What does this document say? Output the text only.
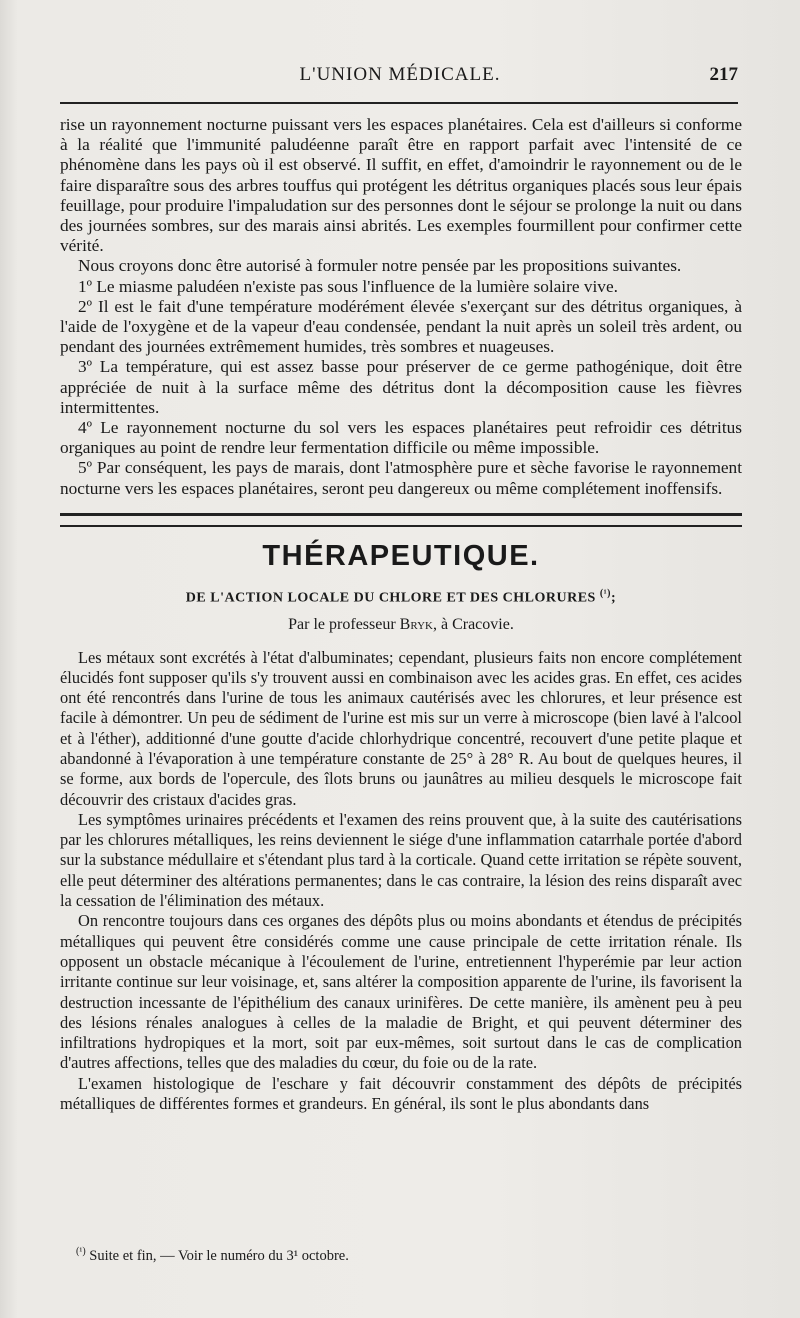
L'UNION MÉDICALE.	217

rise un rayonnement nocturne puissant vers les espaces planétaires. Cela est d'ailleurs si conforme à la réalité que l'immunité paludéenne paraît être en rapport parfait avec l'intensité de ce phénomène dans les pays où il est observé. Il suffit, en effet, d'amoindrir le rayonnement ou de le faire disparaître sous des arbres touffus qui protégent les détritus organiques placés sous leur épais feuillage, pour produire l'impaludation sur des personnes dont le séjour se prolonge la nuit ou dans des journées sombres, sur des marais ainsi abrités. Les exemples fourmillent pour confirmer cette vérité.

Nous croyons donc être autorisé à formuler notre pensée par les propositions suivantes.

1º Le miasme paludéen n'existe pas sous l'influence de la lumière solaire vive.

2º Il est le fait d'une température modérément élevée s'exerçant sur des détritus organiques, à l'aide de l'oxygène et de la vapeur d'eau condensée, pendant la nuit après un soleil très ardent, ou pendant des journées extrêmement humides, très sombres et nuageuses.

3º La température, qui est assez basse pour préserver de ce germe pathogénique, doit être appréciée de nuit à la surface même des détritus dont la décomposition cause les fièvres intermittentes.

4º Le rayonnement nocturne du sol vers les espaces planétaires peut refroidir ces détritus organiques au point de rendre leur fermentation difficile ou même impossible.

5º Par conséquent, les pays de marais, dont l'atmosphère pure et sèche favorise le rayonnement nocturne vers les espaces planétaires, seront peu dangereux ou même complétement inoffensifs.

THÉRAPEUTIQUE.
DE L'ACTION LOCALE DU CHLORE ET DES CHLORURES $^{(^1)}$;
Par le professeur Bryk, à Cracovie.

Les métaux sont excrétés à l'état d'albuminates; cependant, plusieurs faits non encore complétement élucidés font supposer qu'ils s'y trouvent aussi en combinaison avec les acides gras. En effet, ces acides ont été rencontrés dans l'urine de tous les animaux cautérisés avec les chlorures, et leur présence est facile à démontrer. Un peu de sédiment de l'urine est mis sur un verre à microscope (bien lavé à l'alcool et à l'éther), additionné d'une goutte d'acide chlorhydrique concentré, recouvert d'une petite plaque et abandonné à l'évaporation à une température constante de 25° à 28° R. Au bout de quelques heures, il se forme, aux bords de l'opercule, des îlots bruns ou jaunâtres au milieu desquels le microscope fait découvrir des cristaux d'acides gras.

Les symptômes urinaires précédents et l'examen des reins prouvent que, à la suite des cautérisations par les chlorures métalliques, les reins deviennent le siége d'une inflammation catarrhale portée d'abord sur la substance médullaire et s'étendant plus tard à la corticale. Quand cette irritation se répète souvent, elle peut déterminer des altérations permanentes; dans le cas contraire, la lésion des reins disparaît avec la cessation de l'élimination des métaux.

On rencontre toujours dans ces organes des dépôts plus ou moins abondants et étendus de précipités métalliques qui peuvent être considérés comme une cause principale de cette irritation rénale. Ils opposent un obstacle mécanique à l'écoulement de l'urine, entretiennent l'hyperémie par leur action irritante continue sur leur voisinage, et, sans altérer la composition apparente de l'urine, ils favorisent la destruction incessante de l'épithélium des canaux urinifères. De cette manière, ils amènent peu à peu des lésions rénales analogues à celles de la maladie de Bright, et qui peuvent déterminer des infiltrations hydropiques et la mort, soit par eux-mêmes, soit surtout dans le cas de complication d'autres affections, telles que des maladies du cœur, du foie ou de la rate.

L'examen histologique de l'eschare y fait découvrir constamment des dépôts de précipités métalliques de différentes formes et grandeurs. En général, ils sont le plus abondants dans

$^{(^1)}$ Suite et fin, — Voir le numéro du 3¹ octobre.
